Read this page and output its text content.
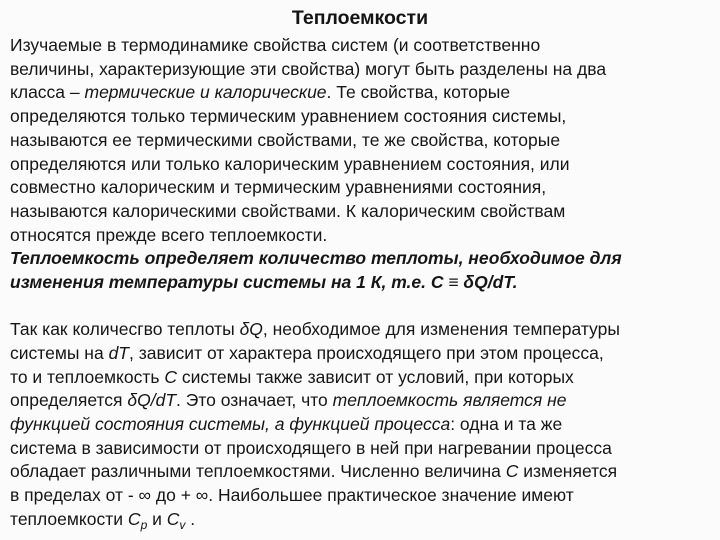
Теплоемкости
Изучаемые в термодинамике свойства систем (и соответственно
величины, характеризующие эти свойства) могут быть разделены на два
класса – термические и калорические. Те свойства, которые
определяются только термическим уравнением состояния системы,
называются ее термическими свойствами, те же свойства, которые
определяются или только калорическим уравнением состояния, или
совместно калорическим и термическим уравнениями состояния,
называются калорическими свойствами. К калорическим свойствам
относятся прежде всего теплоемкости.
Теплоемкость определяет количество теплоты, необходимое для
изменения температуры системы на 1 К, т.е. С ≡ δQ/dT.
Так как количесгво теплоты δQ, необходимое для изменения температуры
системы на dT, зависит от характера происходящего при этом процесса,
то и теплоемкость С системы также зависит от условий, при которых
определяется δQ/dT. Это означает, что теплоемкость является не
функцией состояния системы, а функцией процесса: одна и та же
система в зависимости от происходящего в ней при нагревании процесса
обладает различными теплоемкостями. Численно величина С изменяется
в пределах от - ∞ до + ∞. Наибольшее практическое значение имеют
теплоемкости $С_p$ и $С_v$ .
